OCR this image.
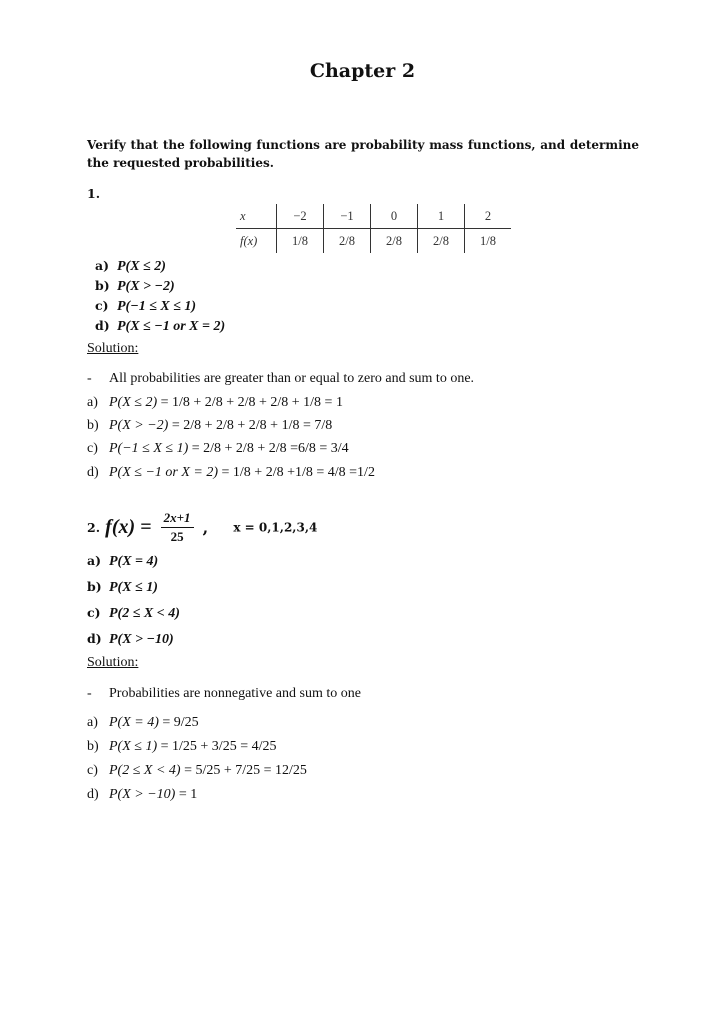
Chapter 2
Verify that the following functions are probability mass functions, and determine the requested probabilities.
1.
x	−2	−1	0	1	2
f(x)	1/8	2/8	2/8	2/8	1/8
a) P(X ≤ 2)
b) P(X > −2)
c) P(−1 ≤ X ≤ 1)
d) P(X ≤ −1 or X = 2)
Solution:
- All probabilities are greater than or equal to zero and sum to one.
a) P(X ≤ 2) = 1/8 + 2/8 + 2/8 + 2/8 + 1/8 = 1
b) P(X > −2) = 2/8 + 2/8 + 2/8 + 1/8 = 7/8
c) P(−1 ≤ X ≤ 1) = 2/8 + 2/8 + 2/8 =6/8 = 3/4
d) P(X ≤ −1 or X = 2) = 1/8 + 2/8 +1/8 = 4/8 =1/2
2. $f(x) = \frac{2x+1}{25}$ , x = 0,1,2,3,4
a) P(X = 4)
b) P(X ≤ 1)
c) P(2 ≤ X < 4)
d) P(X > −10)
Solution:
- Probabilities are nonnegative and sum to one
a) P(X = 4) = 9/25
b) P(X ≤ 1) = 1/25 + 3/25 = 4/25
c) P(2 ≤ X < 4) = 5/25 + 7/25 = 12/25
d) P(X > −10) = 1
